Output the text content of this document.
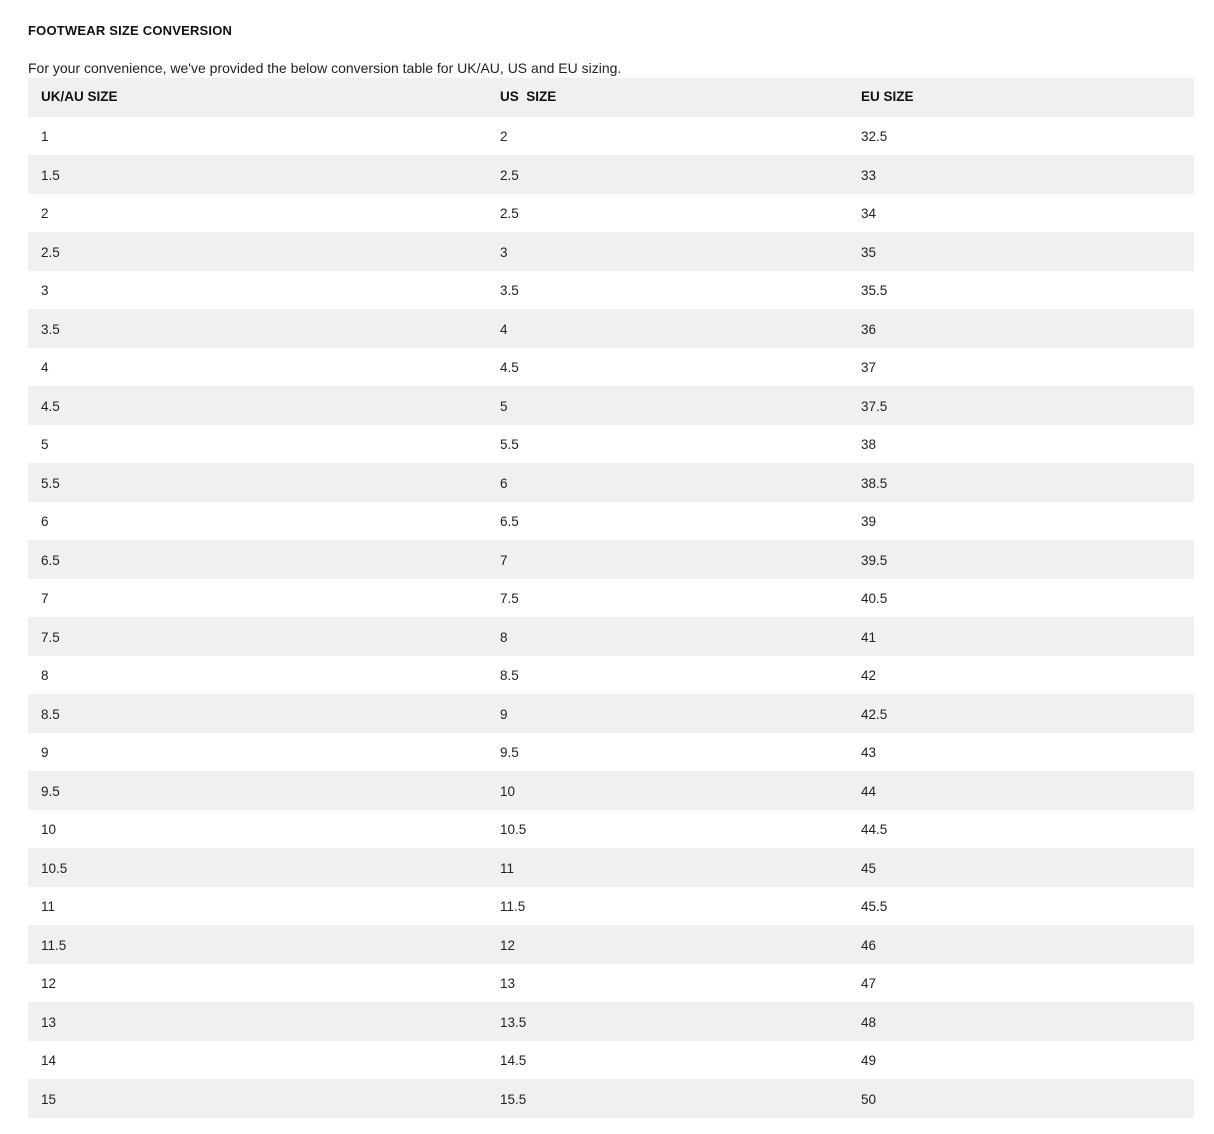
FOOTWEAR SIZE CONVERSION

For your convenience, we've provided the below conversion table for UK/AU, US and EU sizing.

UK/AU SIZE	US  SIZE	EU SIZE
1	2	32.5
1.5	2.5	33
2	2.5	34
2.5	3	35
3	3.5	35.5
3.5	4	36
4	4.5	37
4.5	5	37.5
5	5.5	38
5.5	6	38.5
6	6.5	39
6.5	7	39.5
7	7.5	40.5
7.5	8	41
8	8.5	42
8.5	9	42.5
9	9.5	43
9.5	10	44
10	10.5	44.5
10.5	11	45
11	11.5	45.5
11.5	12	46
12	13	47
13	13.5	48
14	14.5	49
15	15.5	50
